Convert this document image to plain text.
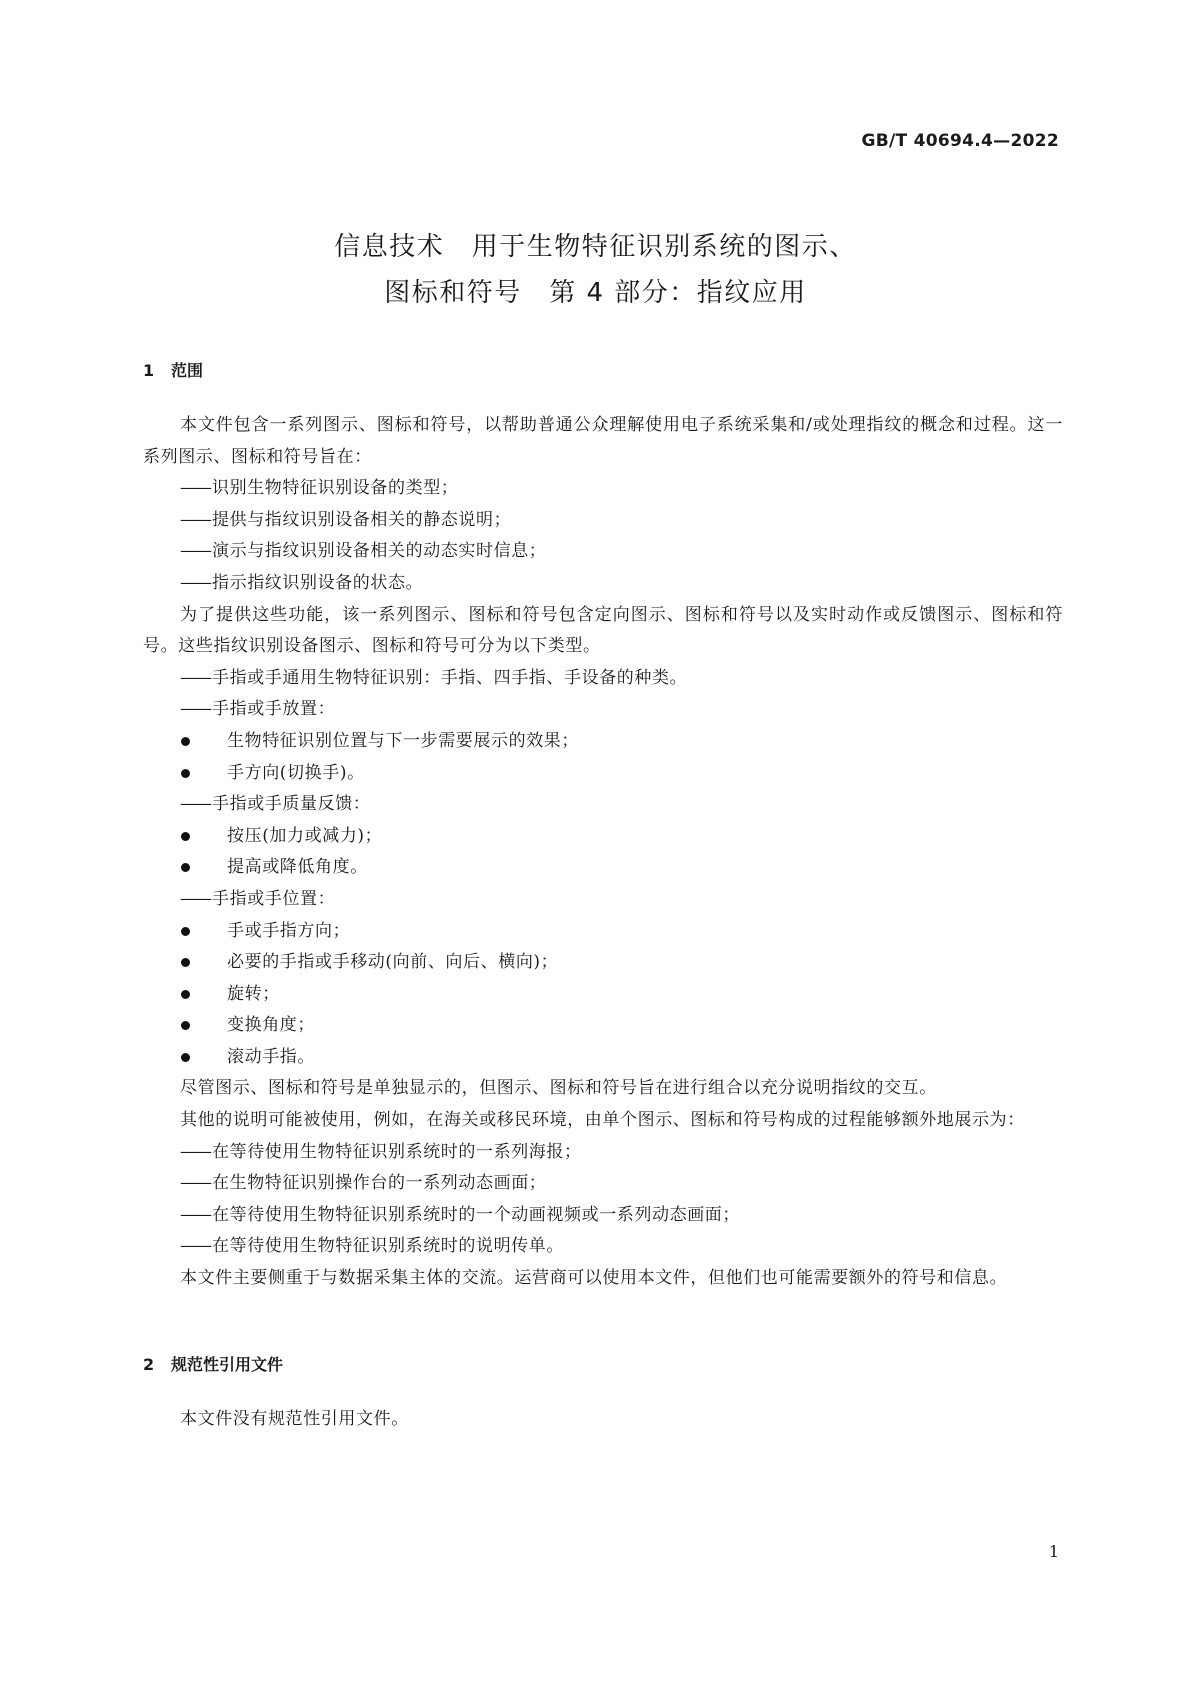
GB/T 40694.4—2022
信息技术　用于生物特征识别系统的图示、
图标和符号　第 4 部分：指纹应用
1 范围

本文件包含一系列图示、图标和符号，以帮助普通公众理解使用电子系统采集和/或处理指纹的概念和过程。这一系列图示、图标和符号旨在：

—— 识别生物特征识别设备的类型；
—— 提供与指纹识别设备相关的静态说明；
—— 演示与指纹识别设备相关的动态实时信息；
—— 指示指纹识别设备的状态。

为了提供这些功能，该一系列图示、图标和符号包含定向图示、图标和符号以及实时动作或反馈图示、图标和符号。这些指纹识别设备图示、图标和符号可分为以下类型。

—— 手指或手通用生物特征识别：手指、四手指、手设备的种类。
—— 手指或手放置：
生物特征识别位置与下一步需要展示的效果；
手方向(切换手)。
—— 手指或手质量反馈：
按压(加力或减力)；
提高或降低角度。
—— 手指或手位置：
手或手指方向；
必要的手指或手移动(向前、向后、横向)；
旋转；
变换角度；
滚动手指。

尽管图示、图标和符号是单独显示的，但图示、图标和符号旨在进行组合以充分说明指纹的交互。

其他的说明可能被使用，例如，在海关或移民环境，由单个图示、图标和符号构成的过程能够额外地展示为：

—— 在等待使用生物特征识别系统时的一系列海报；
—— 在生物特征识别操作台的一系列动态画面；
—— 在等待使用生物特征识别系统时的一个动画视频或一系列动态画面；
—— 在等待使用生物特征识别系统时的说明传单。

本文件主要侧重于与数据采集主体的交流。运营商可以使用本文件，但他们也可能需要额外的符号和信息。

2 规范性引用文件

本文件没有规范性引用文件。

1
